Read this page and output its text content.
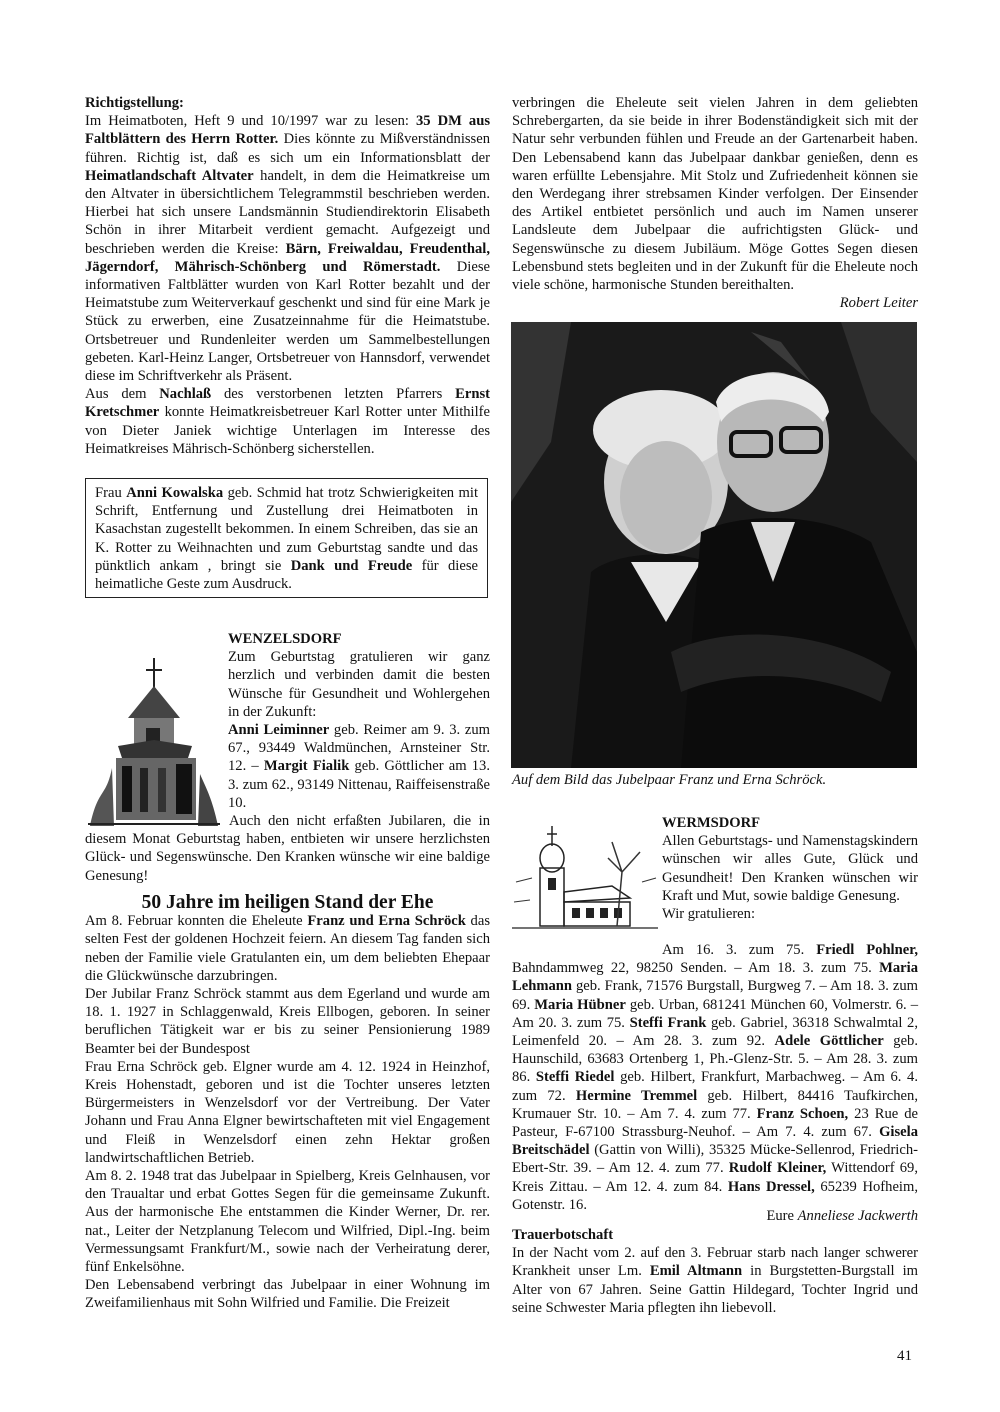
Richtigstellung:

Im Heimatboten, Heft 9 und 10/1997 war zu lesen: 35 DM aus Faltblättern des Herrn Rotter. Dies könnte zu Mißverständnissen führen. Richtig ist, daß es sich um ein Informationsblatt der Heimatlandschaft Altvater handelt, in dem die Heimatkreise um den Altvater in übersichtlichem Telegrammstil beschrieben werden. Hierbei hat sich unsere Landsmännin Studiendirektorin Elisabeth Schön in ihrer Mitarbeit verdient gemacht. Aufgezeigt und beschrieben werden die Kreise: Bärn, Freiwaldau, Freudenthal, Jägerndorf, Mährisch-Schönberg und Römerstadt. Diese informativen Faltblätter wurden von Karl Rotter bezahlt und der Heimatstube zum Weiterverkauf geschenkt und sind für eine Mark je Stück zu erwerben, eine Zusatzeinnahme für die Heimatstube. Ortsbetreuer und Rundenleiter werden um Sammelbestellungen gebeten. Karl-Heinz Langer, Ortsbetreuer von Hannsdorf, verwendet diese im Schriftverkehr als Präsent.

Aus dem Nachlaß des verstorbenen letzten Pfarrers Ernst Kretschmer konnte Heimatkreisbetreuer Karl Rotter unter Mithilfe von Dieter Janiek wichtige Unterlagen im Interesse des Heimatkreises Mährisch-Schönberg sicherstellen.

Frau Anni Kowalska geb. Schmid hat trotz Schwierigkeiten mit Schrift, Entfernung und Zustellung drei Heimatboten in Kasachstan zugestellt bekommen. In einem Schreiben, das sie an K. Rotter zu Weihnachten und zum Geburtstag sandte und das pünktlich ankam , bringt sie Dank und Freude für diese heimatliche Geste zum Ausdruck.

WENZELSDORF

Zum Geburtstag gratulieren wir ganz herzlich und verbinden damit die besten Wünsche für Gesundheit und Wohlergehen in der Zukunft:

Anni Leiminner geb. Reimer am 9. 3. zum 67., 93449 Waldmünchen, Arnsteiner Str. 12. – Margit Fialik geb. Göttlicher am 13. 3. zum 62., 93149 Nittenau, Raiffeisenstraße 10.

Auch den nicht erfaßten Jubilaren, die in diesem Monat Geburtstag haben, entbieten wir unsere herzlichsten Glück- und Segenswünsche. Den Kranken wünsche wir eine baldige Genesung!

50 Jahre im heiligen Stand der Ehe

Am 8. Februar konnten die Eheleute Franz und Erna Schröck das selten Fest der goldenen Hochzeit feiern. An diesem Tag fanden sich neben der Familie viele Gratulanten ein, um dem beliebten Ehepaar die Glückwünsche darzubringen.

Der Jubilar Franz Schröck stammt aus dem Egerland und wurde am 18. 1. 1927 in Schlaggenwald, Kreis Ellbogen, geboren. In seiner beruflichen Tätigkeit war er bis zu seiner Pensionierung 1989 Beamter bei der Bundespost

Frau Erna Schröck geb. Elgner wurde am 4. 12. 1924 in Heinzhof, Kreis Hohenstadt, geboren und ist die Tochter unseres letzten Bürgermeisters in Wenzelsdorf vor der Vertreibung. Der Vater Johann und Frau Anna Elgner bewirtschafteten mit viel Engagement und Fleiß in Wenzelsdorf einen zehn Hektar großen landwirtschaftlichen Betrieb.

Am 8. 2. 1948 trat das Jubelpaar in Spielberg, Kreis Gelnhausen, vor den Traualtar und erbat Gottes Segen für die gemeinsame Zukunft. Aus der harmonische Ehe entstammen die Kinder Werner, Dr. rer. nat., Leiter der Netzplanung Telecom und Wilfried, Dipl.-Ing. beim Vermessungsamt Frankfurt/M., sowie nach der Verheiratung derer, fünf Enkelsöhne.

Den Lebensabend verbringt das Jubelpaar in einer Wohnung im Zweifamilienhaus mit Sohn Wilfried und Familie. Die Freizeit

verbringen die Eheleute seit vielen Jahren in dem geliebten Schrebergarten, da sie beide in ihrer Bodenständigkeit sich mit der Natur sehr verbunden fühlen und Freude an der Gartenarbeit haben. Den Lebensabend kann das Jubelpaar dankbar genießen, denn es waren erfüllte Lebensjahre. Mit Stolz und Zufriedenheit können sie den Werdegang ihrer strebsamen Kinder verfolgen. Der Einsender des Artikel entbietet persönlich und auch im Namen unserer Landsleute dem Jubelpaar die aufrichtigsten Glück- und Segenswünsche zu diesem Jubiläum. Möge Gottes Segen diesen Lebensbund stets begleiten und in der Zukunft für die Eheleute noch viele schöne, harmonische Stunden bereithalten.

Robert Leiter

Auf dem Bild das Jubelpaar Franz und Erna Schröck.

WERMSDORF

Allen Geburtstags- und Namenstagskindern wünschen wir alles Gute, Glück und Gesundheit! Den Kranken wünschen wir Kraft und Mut, sowie baldige Genesung.

Wir gratulieren:

Am 16. 3. zum 75. Friedl Pohlner, Bahndammweg 22, 98250 Senden. – Am 18. 3. zum 75. Maria Lehmann geb. Frank, 71576 Burgstall, Burgweg 7. – Am 18. 3. zum 69. Maria Hübner geb. Urban, 681241 München 60, Volmerstr. 6. – Am 20. 3. zum 75. Steffi Frank geb. Gabriel, 36318 Schwalmtal 2, Leimenfeld 20. – Am 28. 3. zum 92. Adele Göttlicher geb. Haunschild, 63683 Ortenberg 1, Ph.-Glenz-Str. 5. – Am 28. 3. zum 86. Steffi Riedel geb. Hilbert, Frankfurt, Marbachweg. – Am 6. 4. zum 72. Hermine Tremmel geb. Hilbert, 84416 Taufkirchen, Krumauer Str. 10. – Am 7. 4. zum 77. Franz Schoen, 23 Rue de Pasteur, F-67100 Strassburg-Neuhof. – Am 7. 4. zum 67. Gisela Breitschädel (Gattin von Willi), 35325 Mücke-Sellenrod, Friedrich-Ebert-Str. 39. – Am 12. 4. zum 77. Rudolf Kleiner, Wittendorf 69, Kreis Zittau. – Am 12. 4. zum 84. Hans Dressel, 65239 Hofheim, Gotenstr. 16.
Eure Anneliese Jackwerth

Trauerbotschaft

In der Nacht vom 2. auf den 3. Februar starb nach langer schwerer Krankheit unser Lm. Emil Altmann in Burgstetten-Burgstall im Alter von 67 Jahren. Seine Gattin Hildegard, Tochter Ingrid und seine Schwester Maria pflegten ihn liebevoll.

41
